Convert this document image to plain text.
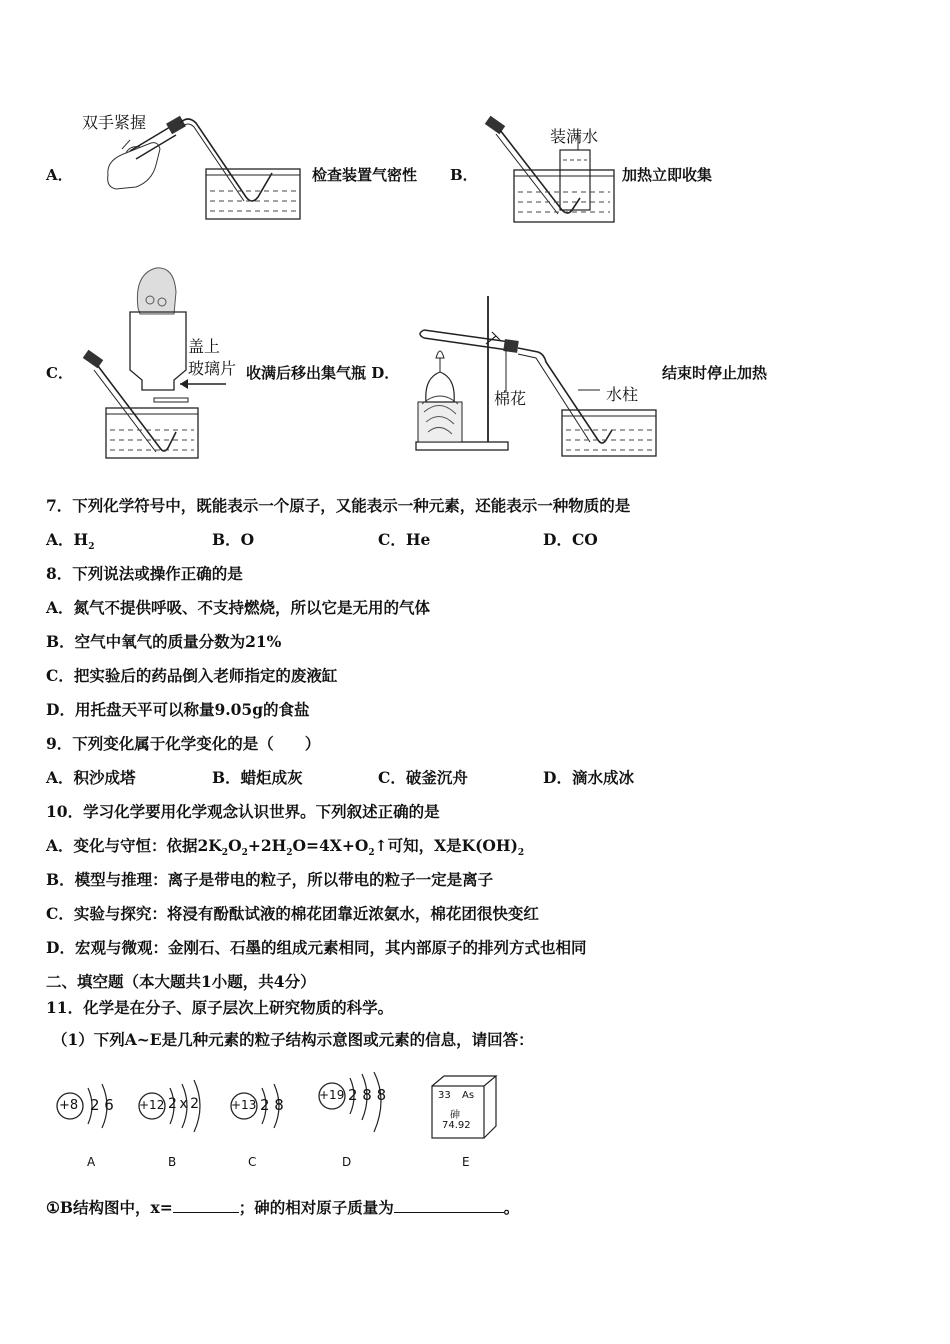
A．
双手紧握
检查装置气密性 B．
装满水
加热立即收集
C．
盖上
玻璃片 收满后移出集气瓶 D．
棉花	水柱
结束时停止加热
7．下列化学符号中，既能表示一个原子，又能表示一种元素，还能表示一种物质的是
A．$H_2$	B．O	C．He	D．CO
8．下列说法或操作正确的是
A．氮气不提供呼吸、不支持燃烧，所以它是无用的气体
B．空气中氧气的质量分数为21%
C．把实验后的药品倒入老师指定的废液缸
D．用托盘天平可以称量9.05g的食盐
9．下列变化属于化学变化的是（　　）
A．积沙成塔	B．蜡炬成灰	C．破釜沉舟	D．滴水成冰
10．学习化学要用化学观念认识世界。下列叙述正确的是
A．变化与守恒：依据$2K_2O_2+2H_2O=4X+O_2↑$可知，X是$K(OH)_2$
B．模型与推理：离子是带电的粒子，所以带电的粒子一定是离子
C．实验与探究：将浸有酚酞试液的棉花团靠近浓氨水，棉花团很快变红
D．宏观与微观：金刚石、石墨的组成元素相同，其内部原子的排列方式也相同
二、填空题（本大题共1小题，共4分）
11．化学是在分子、原子层次上研究物质的科学。
（1）下列A~E是几种元素的粒子结构示意图或元素的信息，请回答：
+8 2 6 +12 2 x 2	+13 2 8
+19 2 8 8	33 As
砷
74.92
A	B	C	D	E
①B结构图中，x=	；砷的相对原子质量为	。
